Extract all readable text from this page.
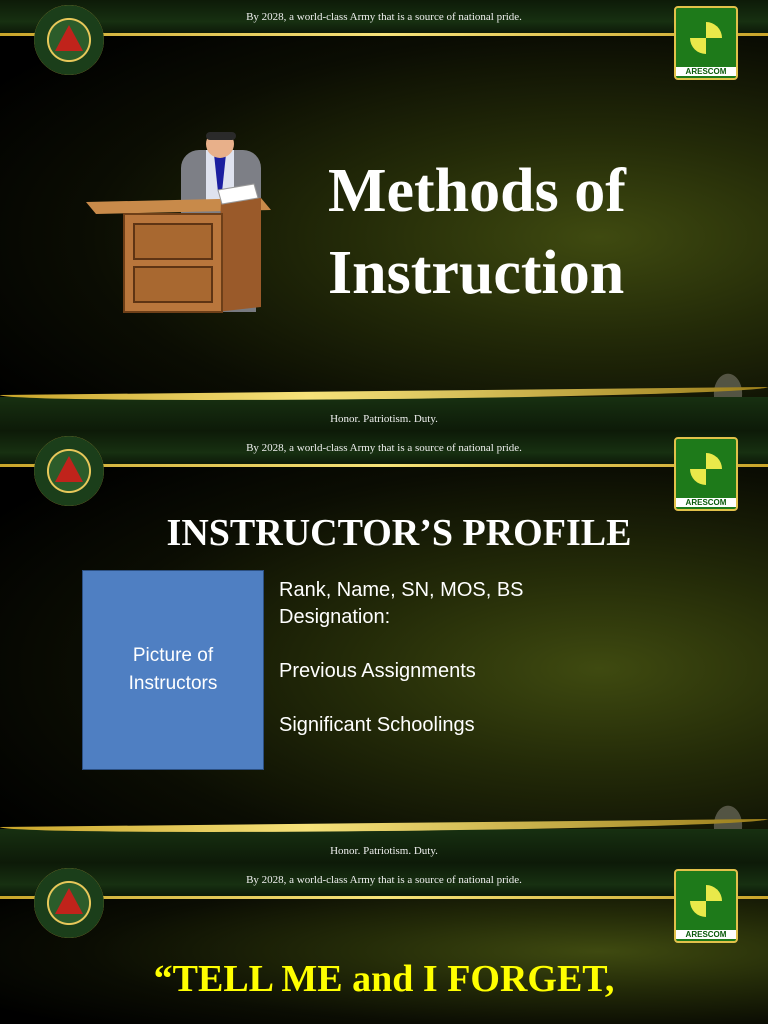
By 2028, a world-class Army that is a source of national pride.
ARESCOM
Methods of
Instruction
Honor. Patriotism. Duty.
By 2028, a world-class Army that is a source of national pride.
ARESCOM
INSTRUCTOR’S PROFILE
Picture of
Instructors
Rank, Name, SN, MOS, BS
Designation:
Previous Assignments
Significant Schoolings
Honor. Patriotism. Duty.
By 2028, a world-class Army that is a source of national pride.
ARESCOM
“TELL ME and I FORGET,
